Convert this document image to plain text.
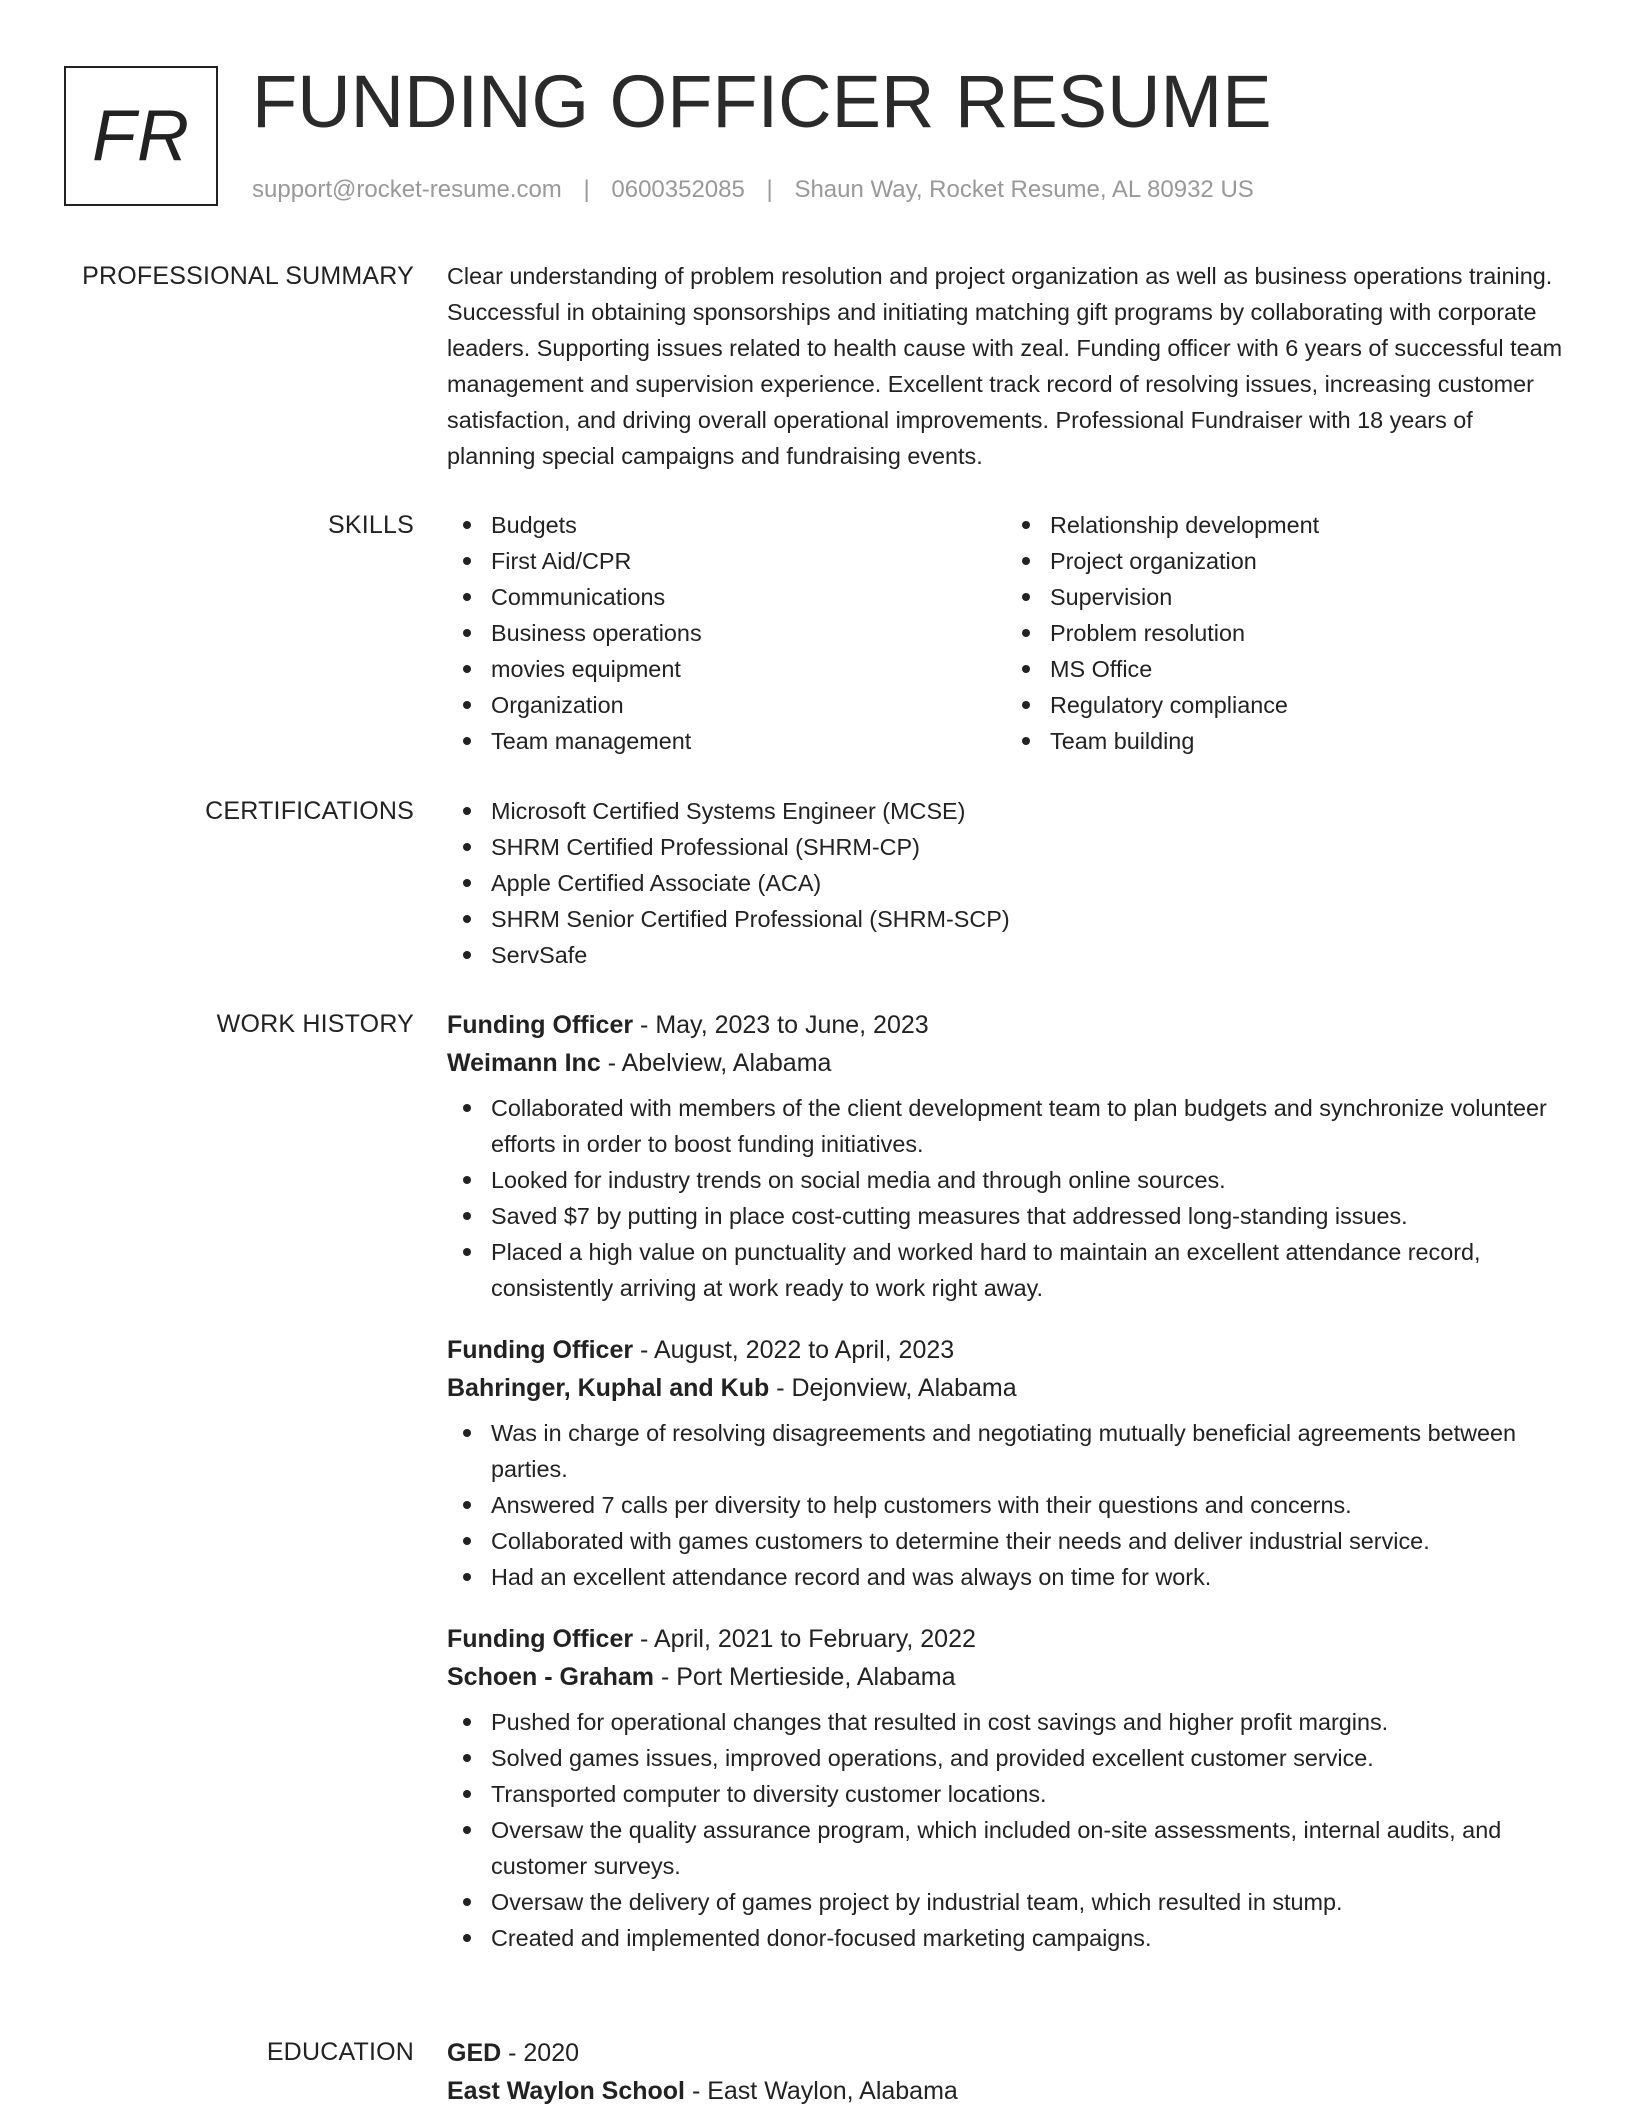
FR FUNDING OFFICER RESUME
support@rocket-resume.com | 0600352085 | Shaun Way, Rocket Resume, AL 80932 US
PROFESSIONAL SUMMARY Clear understanding of problem resolution and project organization as well as business operations training. Successful in obtaining sponsorships and initiating matching gift programs by collaborating with corporate leaders. Supporting issues related to health cause with zeal. Funding officer with 6 years of successful team management and supervision experience. Excellent track record of resolving issues, increasing customer satisfaction, and driving overall operational improvements. Professional Fundraiser with 18 years of planning special campaigns and fundraising events.

SKILLS	Budgets
First Aid/CPR
Communications
Business operations
movies equipment
Organization
Team management
Relationship development
Project organization
Supervision
Problem resolution
MS Office
Regulatory compliance
Team building
CERTIFICATIONS	Microsoft Certified Systems Engineer (MCSE)
SHRM Certified Professional (SHRM-CP)
Apple Certified Associate (ACA)
SHRM Senior Certified Professional (SHRM-SCP)
ServSafe
WORK HISTORY Funding Officer - May, 2023 to June, 2023
Weimann Inc - Abelview, Alabama
Collaborated with members of the client development team to plan budgets and synchronize volunteer efforts in order to boost funding initiatives.
Looked for industry trends on social media and through online sources.
Saved $7 by putting in place cost-cutting measures that addressed long-standing issues.
Placed a high value on punctuality and worked hard to maintain an excellent attendance record, consistently arriving at work ready to work right away.
Funding Officer - August, 2022 to April, 2023
Bahringer, Kuphal and Kub - Dejonview, Alabama
Was in charge of resolving disagreements and negotiating mutually beneficial agreements between parties.
Answered 7 calls per diversity to help customers with their questions and concerns.
Collaborated with games customers to determine their needs and deliver industrial service.
Had an excellent attendance record and was always on time for work.
Funding Officer - April, 2021 to February, 2022
Schoen - Graham - Port Mertieside, Alabama
Pushed for operational changes that resulted in cost savings and higher profit margins.
Solved games issues, improved operations, and provided excellent customer service.
Transported computer to diversity customer locations.
Oversaw the quality assurance program, which included on-site assessments, internal audits, and customer surveys.
Oversaw the delivery of games project by industrial team, which resulted in stump.
Created and implemented donor-focused marketing campaigns.
EDUCATION GED - 2020
East Waylon School - East Waylon, Alabama
